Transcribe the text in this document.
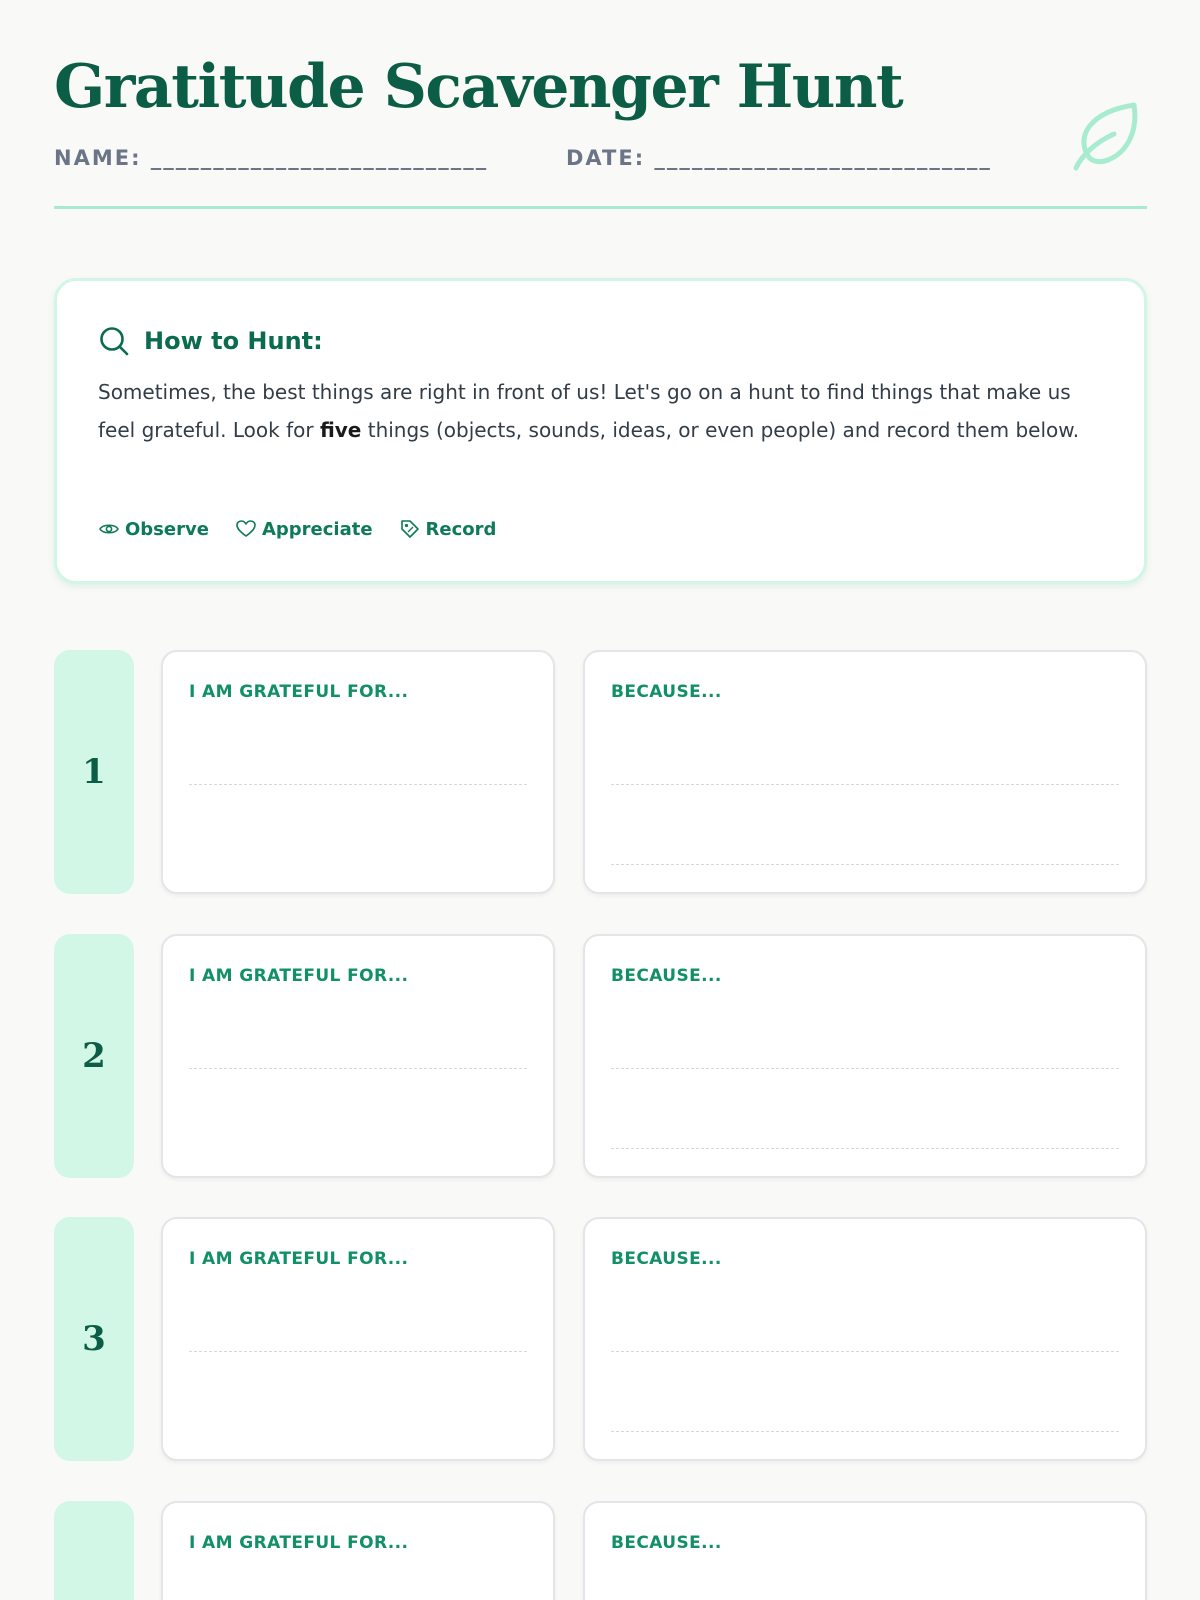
Gratitude Scavenger Hunt
NAME: ___________________________	DATE: ___________________________
How to Hunt:

Sometimes, the best things are right in front of us! Let's go on a hunt to find things that make us feel grateful. Look for five things (objects, sounds, ideas, or even people) and record them below.

Observe	Appreciate	Record
1
I AM GRATEFUL FOR...	BECAUSE...
2
I AM GRATEFUL FOR...	BECAUSE...
3
I AM GRATEFUL FOR...	BECAUSE...
I AM GRATEFUL FOR...	BECAUSE...
